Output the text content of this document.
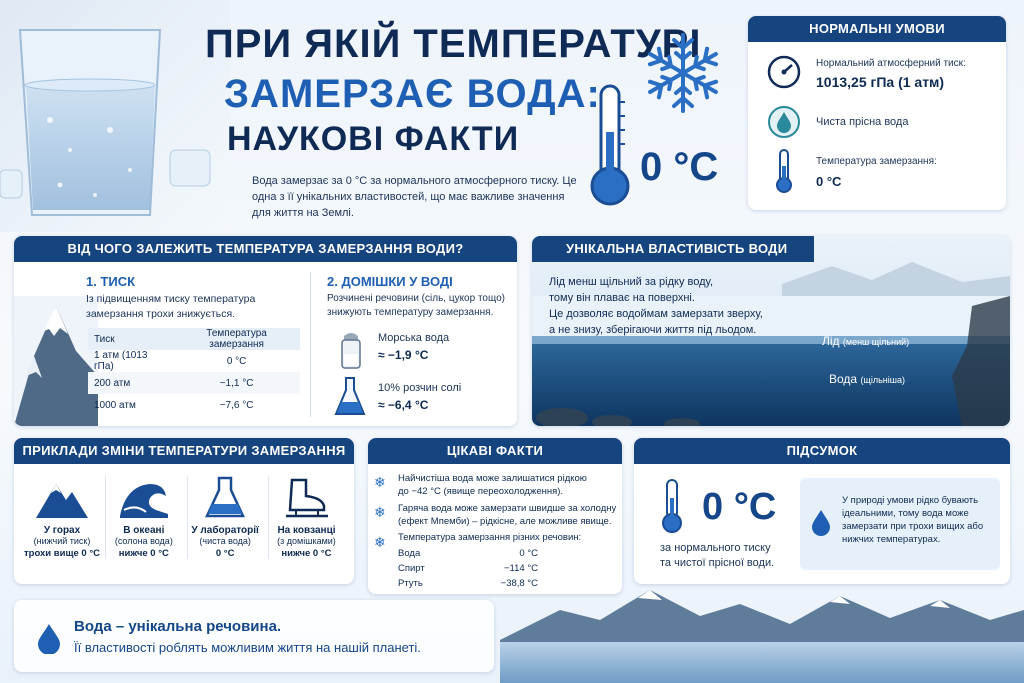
ПРИ ЯКІЙ ТЕМПЕРАТУРІ
ЗАМЕРЗАЄ ВОДА:
НАУКОВІ ФАКТИ
Вода замерзає за 0 °C за нормального атмосферного тиску. Це одна з її унікальних властивостей, що має важливе значення для життя на Землі.
0 °C
НОРМАЛЬНІ УМОВИ
Нормальний атмосферний тиск:
1013,25 гПа (1 атм)
Чиста прісна вода
Температура замерзання:
0 °C
ВІД ЧОГО ЗАЛЕЖИТЬ ТЕМПЕРАТУРА ЗАМЕРЗАННЯ ВОДИ?
1. ТИСК
Із підвищенням тиску температура замерзання трохи знижується.
Тиск	Температура замерзання
1 атм (1013 гПа)	0 °C
200 атм	−1,1 °C
1000 атм	−7,6 °C
2. ДОМІШКИ У ВОДІ
Розчинені речовини (сіль, цукор тощо) знижують температуру замерзання.
Морська вода
≈ −1,9 °C
10% розчин солі
≈ −6,4 °C
УНІКАЛЬНА ВЛАСТИВІСТЬ ВОДИ
Лід менш щільний за рідку воду,
тому він плаває на поверхні.
Це дозволяє водоймам замерзати зверху,
а не знизу, зберігаючи життя під льодом.
Лід (менш щільний)
Вода (щільніша)
ПРИКЛАДИ ЗМІНИ ТЕМПЕРАТУРИ ЗАМЕРЗАННЯ
У горах
(нижчий тиск)
трохи вище 0 °C
В океані
(солона вода)
нижче 0 °C
У лабораторії
(чиста вода)
0 °C
На ковзанці
(з домішками)
нижче 0 °C
ЦІКАВІ ФАКТИ
❄ Найчистіша вода може залишатися рідкою
до −42 °C (явище переохолодження).
❄ Гаряча вода може замерзати швидше за холодну
(ефект Мпемби) – рідкісне, але можливе явище.
❄ Температура замерзання різних речовин:
Вода	0 °C
Спирт	−114 °C
Ртуть	−38,8 °C
ПІДСУМОК
0 °C
за нормального тиску
та чистої прісної води.
У природі умови рідко бувають ідеальними, тому вода може замерзати при трохи вищих або нижчих температурах.
Вода – унікальна речовина.
Її властивості роблять можливим життя на нашій планеті.
